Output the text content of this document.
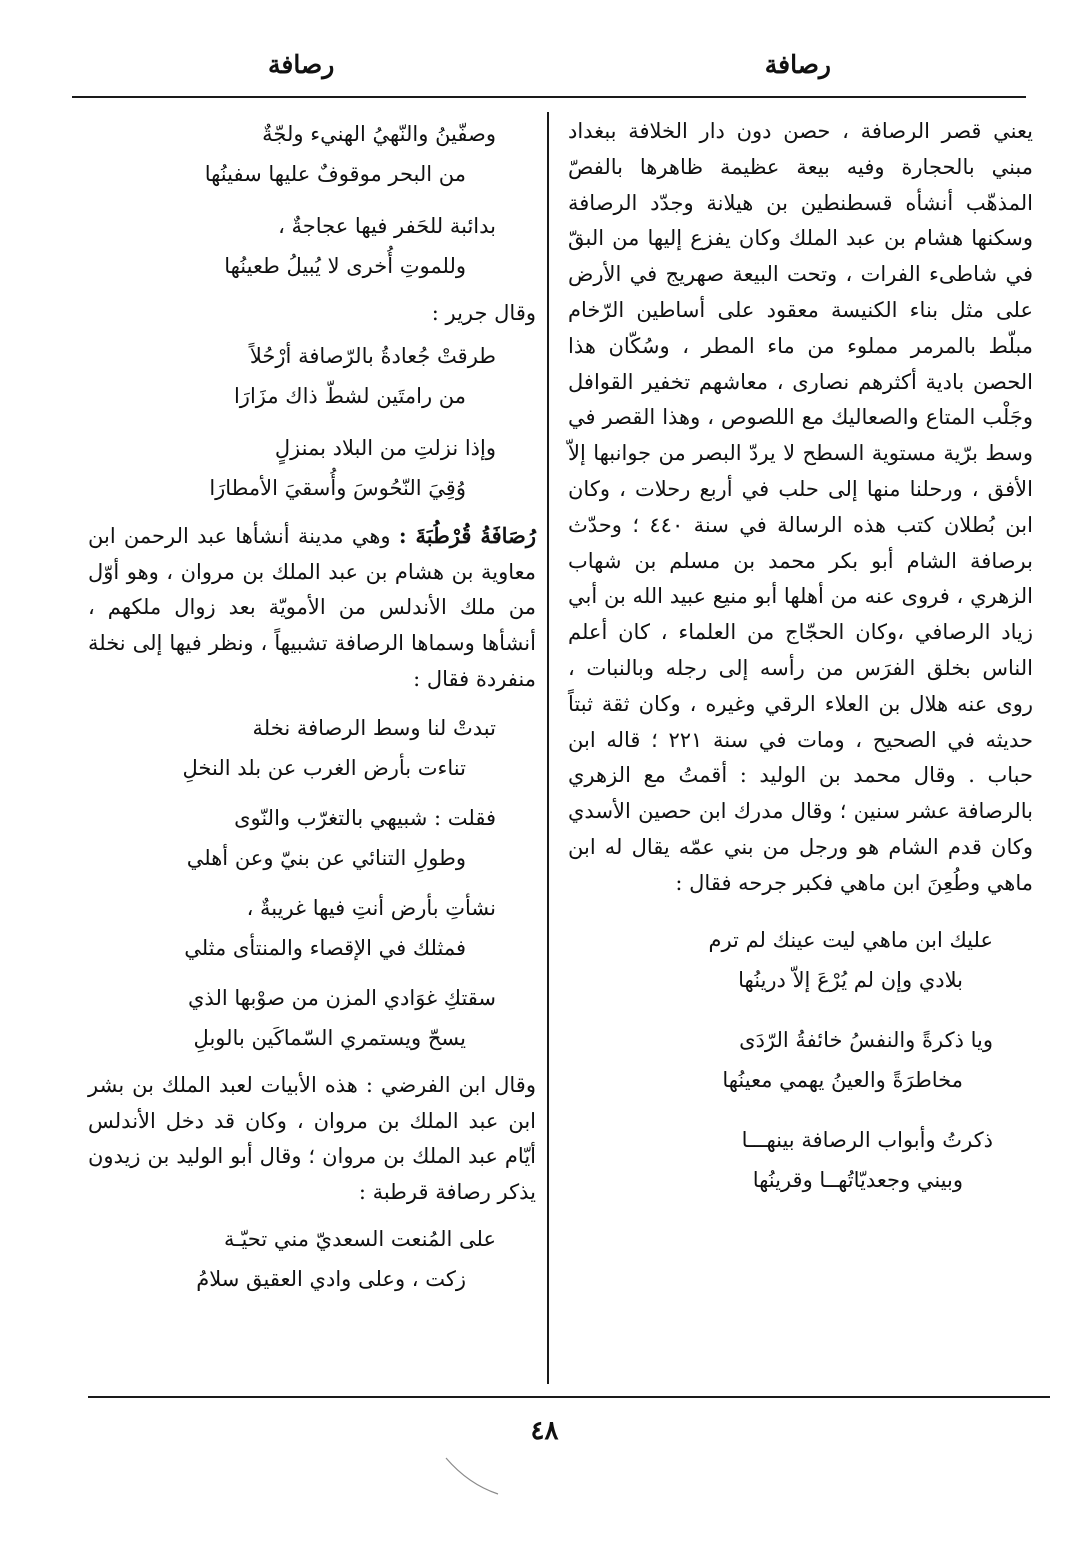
رصافة
رصافة

يعني قصر الرصافة ، حصن دون دار الخلافة ببغداد مبني بالحجارة وفيه بيعة عظيمة ظاهرها بالفصّ المذهّب أنشأه قسطنطين بن هيلانة وجدّد الرصافة وسكنها هشام بن عبد الملك وكان يفزع إليها من البقّ في شاطىء الفرات ، وتحت البيعة صهريج في الأرض على مثل بناء الكنيسة معقود على أساطين الرّخام مبلّط بالمرمر مملوء من ماء المطر ، وسُكّان هذا الحصن بادية أكثرهم نصارى ، معاشهم تخفير القوافل وجَلْب المتاع والصعاليك مع اللصوص ، وهذا القصر في وسط برّية مستوية السطح لا يردّ البصر من جوانبها إلاّ الأفق ، ورحلنا منها إلى حلب في أربع رحلات ، وكان ابن بُطلان كتب هذه الرسالة في سنة ٤٤٠ ؛ وحدّث برصافة الشام أبو بكر محمد بن مسلم بن شهاب الزهري ، فروى عنه من أهلها أبو منيع عبيد الله بن أبي زياد الرصافي ،وكان الحجّاج من العلماء ، كان أعلم الناس بخلق الفرَس من رأسه إلى رجله وبالنبات ، روى عنه هلال بن العلاء الرقي وغيره ، وكان ثقة ثبتاً حديثه في الصحيح ، ومات في سنة ٢٢١ ؛ قاله ابن حباب . وقال محمد بن الوليد : أقمتُ مع الزهري بالرصافة عشر سنين ؛ وقال مدرك ابن حصين الأسدي وكان قدم الشام هو ورجل من بني عمّه يقال له ابن ماهي وطُعِنَ ابن ماهي فكبر جرحه فقال :

عليك ابن ماهي ليت عينك لم ترم
بلادي وإن لم يُرْعَ إلاّ درينُها
ويا ذكرةً والنفسُ خائفةُ الرّدَى
مخاطرَةً والعينُ يهمي معينُها
ذكرتُ وأبواب الرصافة بينهـــا
وبيني وجعديّاتُهــا وقرينُها
وصفّينُ والنّهيُ الهنيء ولجّةٌ
من البحر موقوفٌ عليها سفينُها
بدائبة للحَفر فيها عجاجةٌ ،
وللموتِ أُخرى لا يُبيلُ طعينُها
وقال جرير :
طرقتْ جُعادةُ بالرّصافة أرْحُلاً
من رامتَين لشطّ ذاك مزَارَا
وإذا نزلتِ من البلاد بمنزلٍ
وُقِيَ النّحُوسَ وأُسقيَ الأمطارَا
رُصَافَةُ قُرْطُبَةَ : وهي مدينة أنشأها عبد الرحمن ابن معاوية بن هشام بن عبد الملك بن مروان ، وهو أوّل من ملك الأندلس من الأمويّة بعد زوال ملكهم ، أنشأها وسماها الرصافة تشبيهاً ، ونظر فيها إلى نخلة منفردة فقال :
تبدتْ لنا وسط الرصافة نخلة
تناءت بأرض الغرب عن بلد النخلِ
فقلت : شبيهي بالتغرّب والنّوى
وطولِ التنائي عن بنيّ وعن أهلي
نشأتِ بأرض أنتِ فيها غريبةٌ ،
فمثلك في الإقصاء والمنتأى مثلي
سقتكِ غوَادي المزن من صوْبها الذي
يسحّ ويستمري السّماكَين بالوبلِ
وقال ابن الفرضي : هذه الأبيات لعبد الملك بن بشر ابن عبد الملك بن مروان ، وكان قد دخل الأندلس أيّام عبد الملك بن مروان ؛ وقال أبو الوليد بن زيدون يذكر رصافة قرطبة :
على المُنعت السعديّ مني تحيّـة
زكت ، وعلى وادي العقيق سلامُ
٤٨
